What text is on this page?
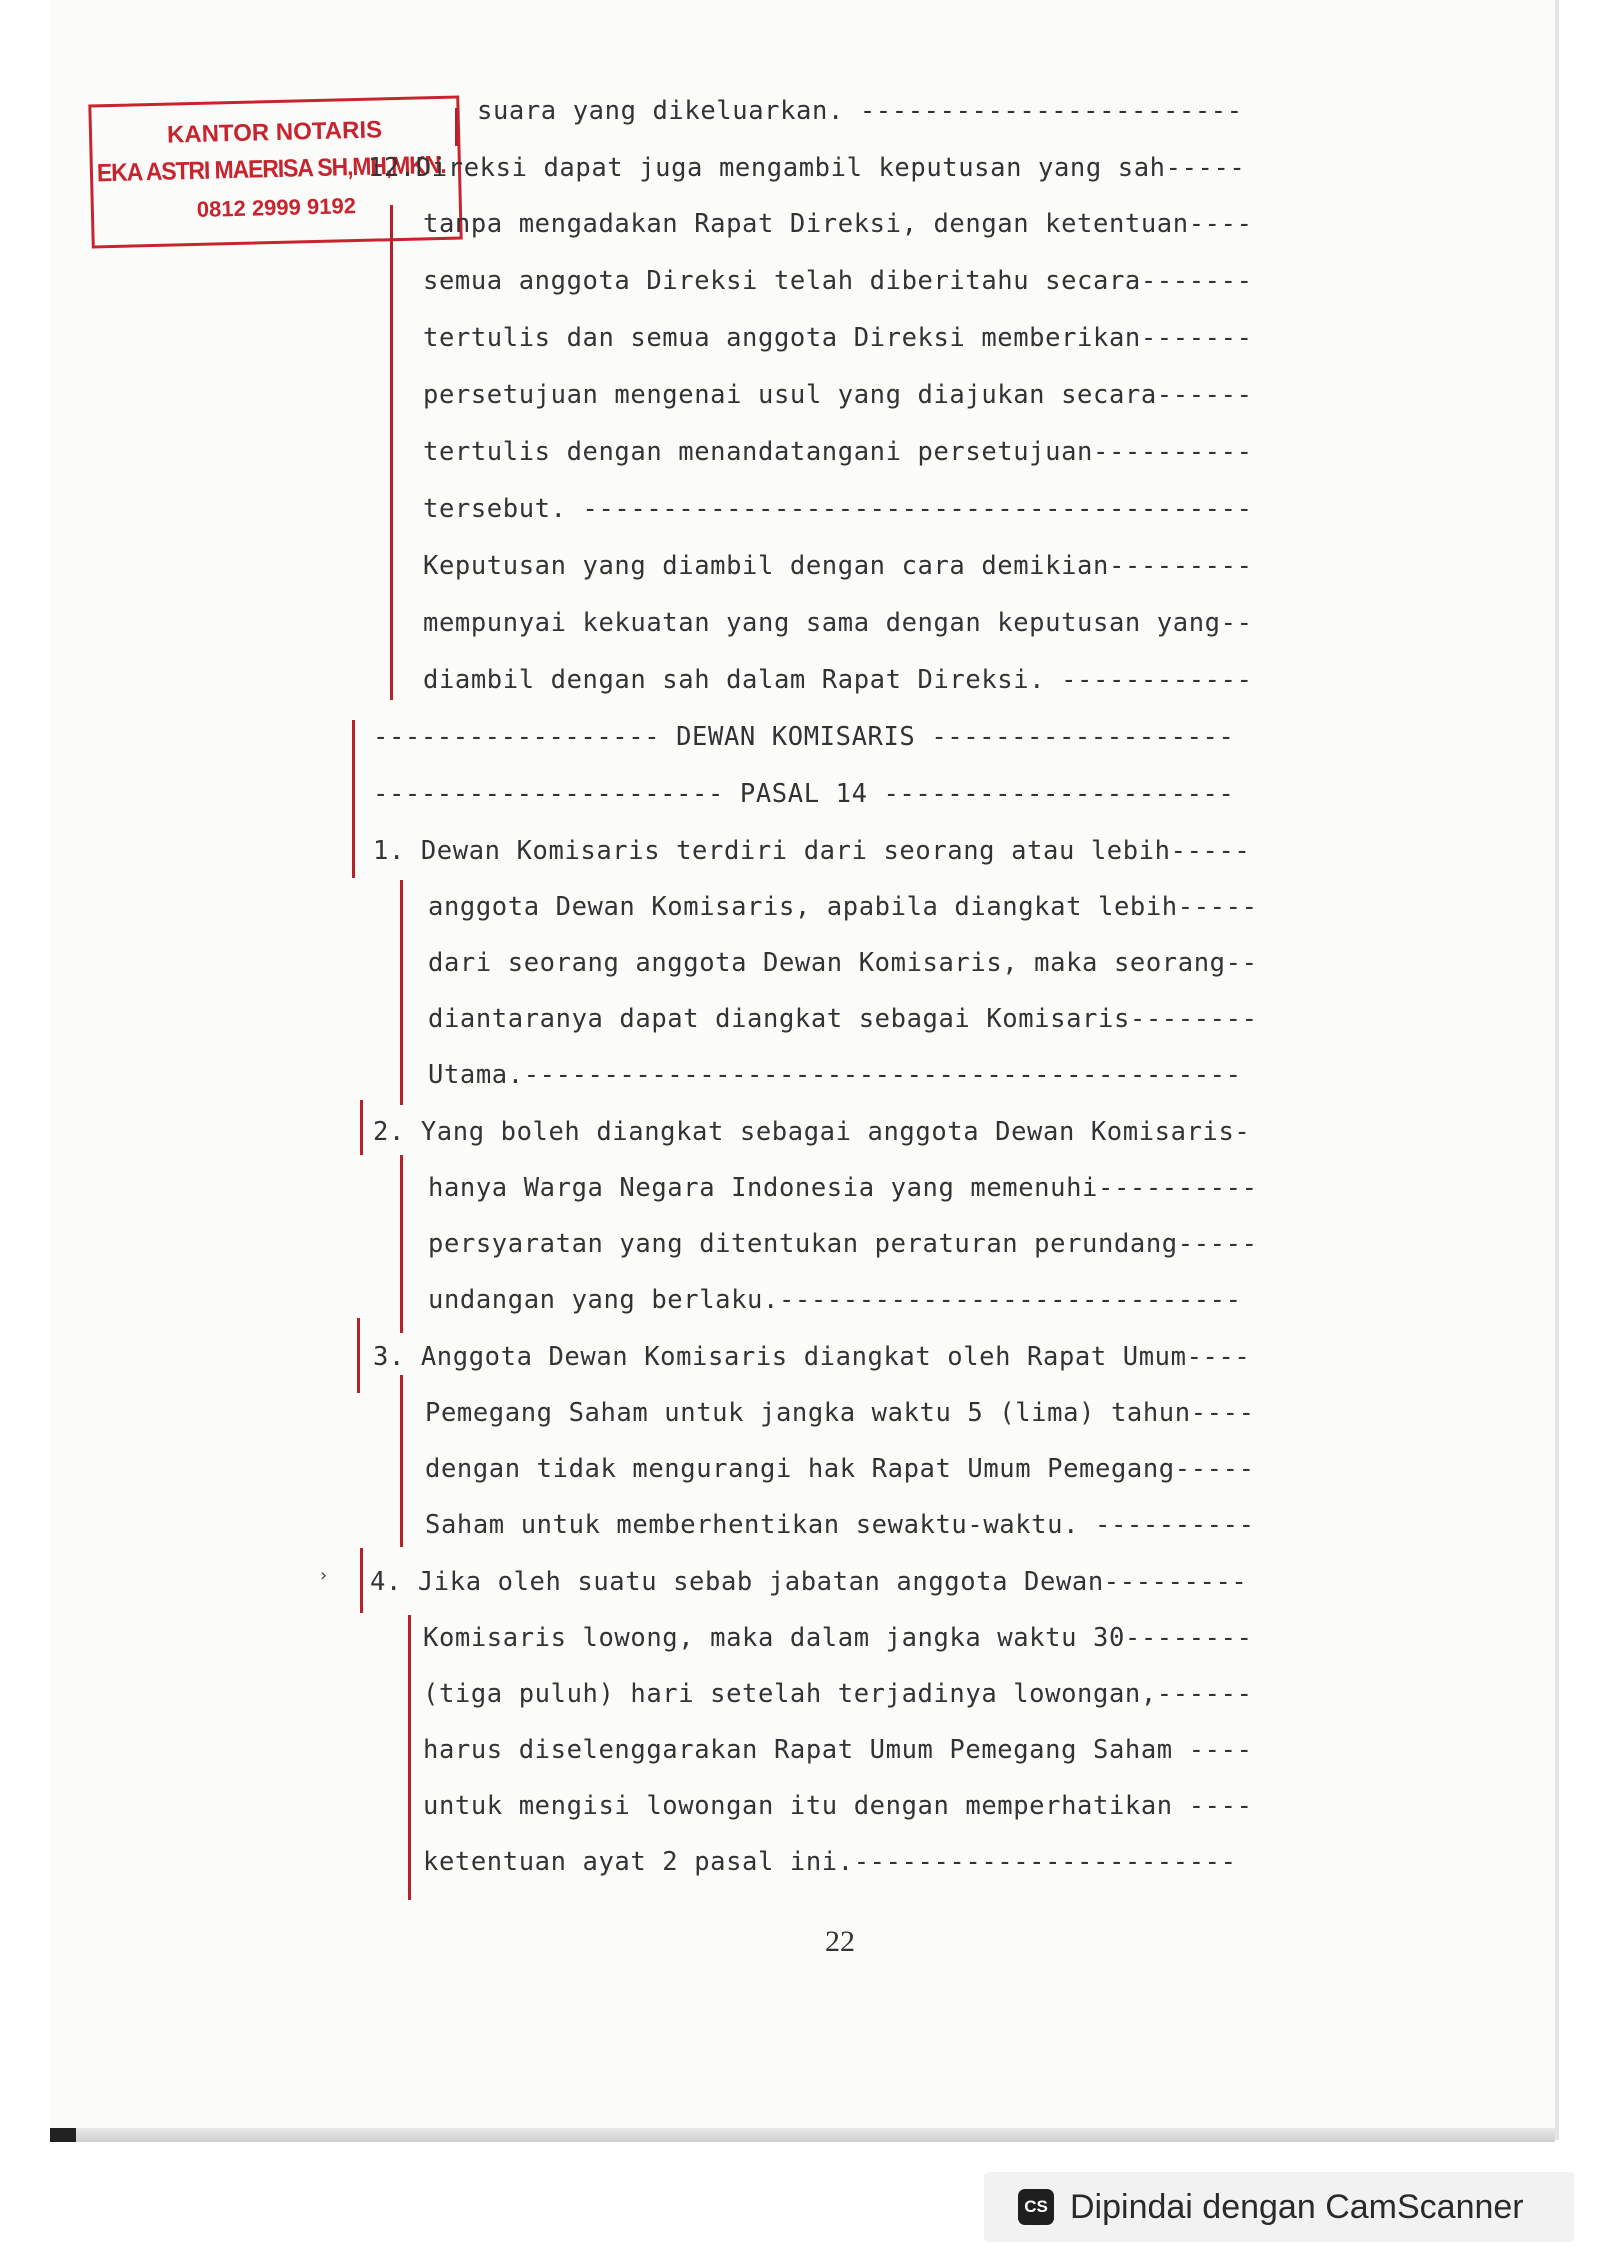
KANTOR NOTARIS
EKA ASTRI MAERISA SH,MH,MKN.
0812 2999 9192
suara yang dikeluarkan. ------------------------
12.Direksi dapat juga mengambil keputusan yang sah-----
tanpa mengadakan Rapat Direksi, dengan ketentuan----
semua anggota Direksi telah diberitahu secara-------
tertulis dan semua anggota Direksi memberikan-------
persetujuan mengenai usul yang diajukan secara------
tertulis dengan menandatangani persetujuan----------
tersebut. ------------------------------------------
Keputusan yang diambil dengan cara demikian---------
mempunyai kekuatan yang sama dengan keputusan yang--
diambil dengan sah dalam Rapat Direksi. ------------
------------------ DEWAN KOMISARIS -------------------
---------------------- PASAL 14 ----------------------
1. Dewan Komisaris terdiri dari seorang atau lebih-----
anggota Dewan Komisaris, apabila diangkat lebih-----
dari seorang anggota Dewan Komisaris, maka seorang--
diantaranya dapat diangkat sebagai Komisaris--------
Utama.---------------------------------------------
2. Yang boleh diangkat sebagai anggota Dewan Komisaris-
hanya Warga Negara Indonesia yang memenuhi----------
persyaratan yang ditentukan peraturan perundang-----
undangan yang berlaku.-----------------------------
3. Anggota Dewan Komisaris diangkat oleh Rapat Umum----
Pemegang Saham untuk jangka waktu 5 (lima) tahun----
dengan tidak mengurangi hak Rapat Umum Pemegang-----
Saham untuk memberhentikan sewaktu-waktu. ----------
4. Jika oleh suatu sebab jabatan anggota Dewan---------
Komisaris lowong, maka dalam jangka waktu 30--------
(tiga puluh) hari setelah terjadinya lowongan,------
harus diselenggarakan Rapat Umum Pemegang Saham ----
untuk mengisi lowongan itu dengan memperhatikan ----
ketentuan ayat 2 pasal ini.------------------------
›
22
CS Dipindai dengan CamScanner
